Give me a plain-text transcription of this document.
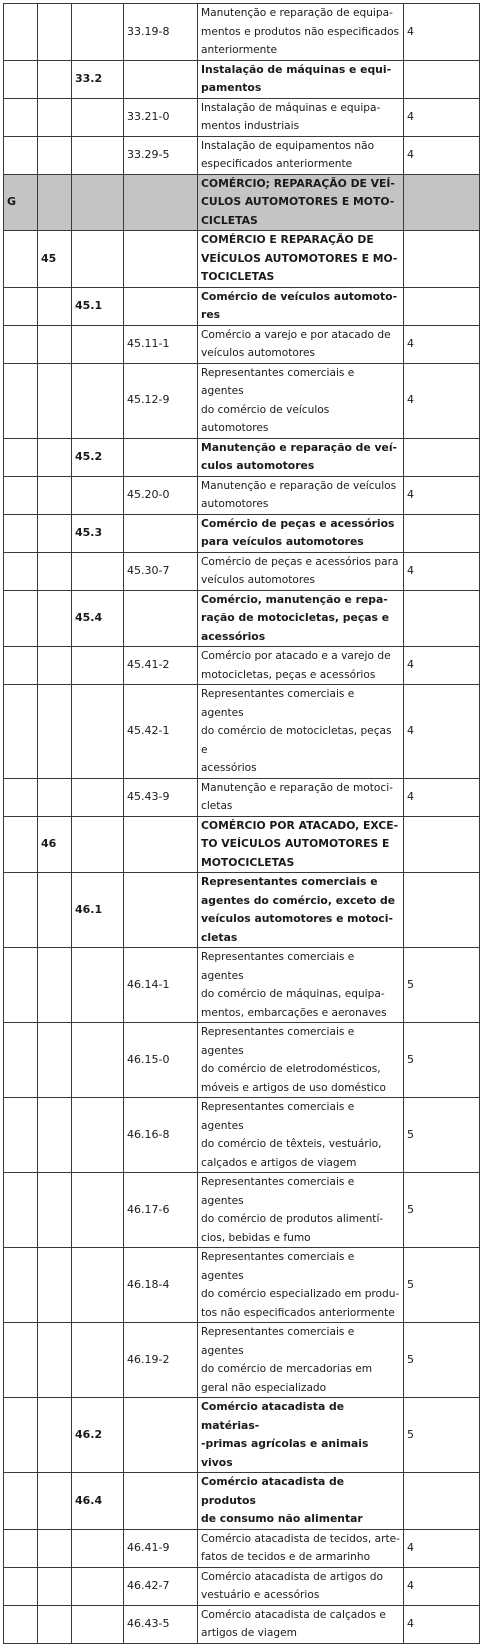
			33.19-8	Manutenção e reparação de equipa-
mentos e produtos não especificados
anteriormente	4
		33.2		Instalação de máquinas e equi-
pamentos	
			33.21-0	Instalação de máquinas e equipa-
mentos industriais	4
			33.29-5	Instalação de equipamentos não
especificados anteriormente	4
G				COMÉRCIO; REPARAÇÃO DE VEÍ-
CULOS AUTOMOTORES E MOTO-
CICLETAS	
	45			COMÉRCIO E REPARAÇÃO DE
VEÍCULOS AUTOMOTORES E MO-
TOCICLETAS	
		45.1		Comércio de veículos automoto-
res	
			45.11-1	Comércio a varejo e por atacado de
veículos automotores	4
			45.12-9	Representantes comerciais e agentes
do comércio de veículos automotores	4
		45.2		Manutenção e reparação de veí-
culos automotores	
			45.20-0	Manutenção e reparação de veículos
automotores	4
		45.3		Comércio de peças e acessórios
para veículos automotores	
			45.30-7	Comércio de peças e acessórios para
veículos automotores	4
		45.4		Comércio, manutenção e repa-
ração de motocicletas, peças e
acessórios	
			45.41-2	Comércio por atacado e a varejo de
motocicletas, peças e acessórios	4
			45.42-1	Representantes comerciais e agentes
do comércio de motocicletas, peças e
acessórios	4
			45.43-9	Manutenção e reparação de motoci-
cletas	4
	46			COMÉRCIO POR ATACADO, EXCE-
TO VEÍCULOS AUTOMOTORES E
MOTOCICLETAS	
		46.1		Representantes comerciais e
agentes do comércio, exceto de
veículos automotores e motoci-
cletas	
			46.14-1	Representantes comerciais e agentes
do comércio de máquinas, equipa-
mentos, embarcações e aeronaves	5
			46.15-0	Representantes comerciais e agentes
do comércio de eletrodomésticos,
móveis e artigos de uso doméstico	5
			46.16-8	Representantes comerciais e agentes
do comércio de têxteis, vestuário,
calçados e artigos de viagem	5
			46.17-6	Representantes comerciais e agentes
do comércio de produtos alimentí-
cios, bebidas e fumo	5
			46.18-4	Representantes comerciais e agentes
do comércio especializado em produ-
tos não especificados anteriormente	5
			46.19-2	Representantes comerciais e agentes
do comércio de mercadorias em
geral não especializado	5
		46.2		Comércio atacadista de matérias-
-primas agrícolas e animais vivos	5
		46.4		Comércio atacadista de produtos
de consumo não alimentar	
			46.41-9	Comércio atacadista de tecidos, arte-
fatos de tecidos e de armarinho	4
			46.42-7	Comércio atacadista de artigos do
vestuário e acessórios	4
			46.43-5	Comércio atacadista de calçados e
artigos de viagem	4
